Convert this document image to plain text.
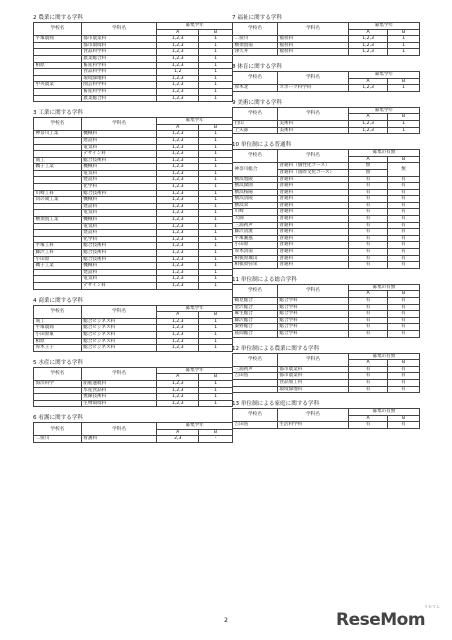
2 農業に関する学科
学校名	学科名	募集学年	
		A	B
平塚農商	都市農業科	1,2,3	1
	都市環境科	1,2,3	1
	食品科学科	1,2,3	1
	農業総合科	1,2,3	1
相原	畜産科学科	1,2,3	1
	食品科学科	1,2	1
	環境緑地科	1,2,3	1
中央農業	園芸科学科	1,2,3	1
	畜産科学科	1,2,3	1
	農業総合科	1,2,3	1
3 工業に関する学科
学校名	学科名	募集学年	
		A	B
神奈川工業	機械科	1,2,3	1
	建設科	1,2,3	1
	電気科	1,2,3	1
	デザイン科	1,2,3	1
商工	総合技術科	1,2,3	1
磯子工業	機械科	1,2,3	1
	電気科	1,2,3	1
	建設科	1,2,3	1
	化学科	1,2,3	1
川崎工科	総合技術科	1,2,3	1
向の岡工業	機械科	1,2,3	1
	建設科	1,2,3	1
	電気科	1,2,3	1
横須賀工業	機械科	1,2,3	1
	電気科	1,2,3	1
	建設科	1,2,3	1
	化学科	1,2,3	1
平塚工科	総合技術科	1,2,3	1
藤沢工科	総合技術科	1,2,3	1
小田原	総合技術科	1,2,3	1
磯子工業	機械科	1,2,3	1
	建設科	1,2,3	1
	電気科	1,2,3	1
	デザイン科	1,2,3	1
4 商業に関する学科
学校名	学科名	募集学年	
		A	B
商工	総合ビジネス科	1,2,3	1
平塚農商	総合ビジネス科	1,2,3	1
小田原東	総合ビジネス科	1,2,3	1
相原	総合ビジネス科	1,2,3	1
厚木王子	総合ビジネス科	1,2,3	1
5 水産に関する学科
学校名	学科名	募集学年	
		A	B
海洋科学	船舶運航科	1,2,3	1
	水産食品科	1,2,3	1
	無線技術科	1,2,3	1
	生物環境科	1,2,3	1
6 看護に関する学科
学校名	学科名	募集学年	
		A	B
二俣川	看護科	2,3	-
7 福祉に関する学科
学校名	学科名	募集学年	
		A	B
二俣川	福祉科	1,2,3	1
横須賀南	福祉科	1,2,3	1
津久井	福祉科	1,2,3	1
8 体育に関する学科
学校名	学科名	募集学年	
		A	B
厚木北	スポーツ科学科	1,2,3	1
9 美術に関する学科
学校名	学科名	募集学年	
		A	B
白山	美術科	1,2,3	1
上矢部	美術科	1,2,3	1
10 単位制による普通科
学校名	学科名	募集の有無	
		A	B
神奈川総合	普通科（個性化コース）	無	無
	普通科（国際文化コース）	無	
横浜旭陵	普通科	有	有
横浜緑園	普通科	有	有
横浜桜陽	普通科	有	有
横浜清陵	普通科	有	有
横浜栄	普通科	有	有
川崎	普通科	有	有
大師	普通科	有	有
三浦初声	普通科	有	有
藤沢清流	普通科	有	有
平塚湘風	普通科	有	有
小田原	普通科	有	有
厚木清南	普通科	有	有
相模原城山	普通科	有	有
相模原弥栄	普通科	有	有
11 単位制による総合学科
学校名	学科名	募集の有無	
		A	B
鶴見総合	総合学科	有	有
金沢総合	総合学科	有	有
麻生総合	総合学科	有	有
藤沢総合	総合学科	有	有
秦野総合	総合学科	有	有
座間総合	総合学科	有	有
12 単位制による農業に関する学科
学校名	学科名	募集の有無	
		A	B
三浦初声	都市農業科	有	有
吉田島	都市農業科	有	有
	食品加工科	有	有
	環境緑地科	有	有
13 単位制による家庭に関する学科
学校名	学科名	募集の有無	
		A	B
吉田島	生活科学科	有	有
2	ReseMom
リセマム
